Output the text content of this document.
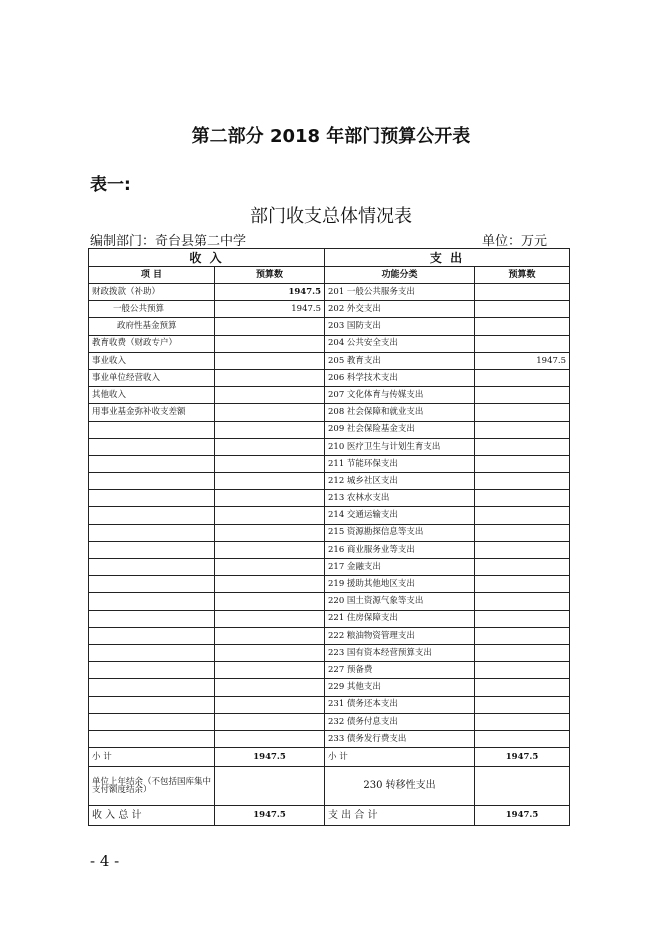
第二部分 2018 年部门预算公开表
表一:
部门收支总体情况表
编制部门：奇台县第二中学	单位：万元
收 入		支 出	
项 目	预算数	功能分类	预算数
财政拨款（补助）	1947.5	201 一般公共服务支出	
一般公共预算	1947.5	202 外交支出	
政府性基金预算		203 国防支出	
教育收费（财政专户）		204 公共安全支出	
事业收入		205 教育支出	1947.5
事业单位经营收入		206 科学技术支出	
其他收入		207 文化体育与传媒支出	
用事业基金弥补收支差额		208 社会保障和就业支出	
		209 社会保险基金支出	
		210 医疗卫生与计划生育支出	
		211 节能环保支出	
		212 城乡社区支出	
		213 农林水支出	
		214 交通运输支出	
		215 资源勘探信息等支出	
		216 商业服务业等支出	
		217 金融支出	
		219 援助其他地区支出	
		220 国土资源气象等支出	
		221 住房保障支出	
		222 粮油物资管理支出	
		223 国有资本经营预算支出	
		227 预备费	
		229 其他支出	
		231 债务还本支出	
		232 债务付息支出	
		233 债务发行费支出	
小 计	1947.5	小 计	1947.5
单位上年结余（不包括国库集中支付额度结余）		230 转移性支出	
收 入 总 计	1947.5	支 出 合 计	1947.5
- 4 -
